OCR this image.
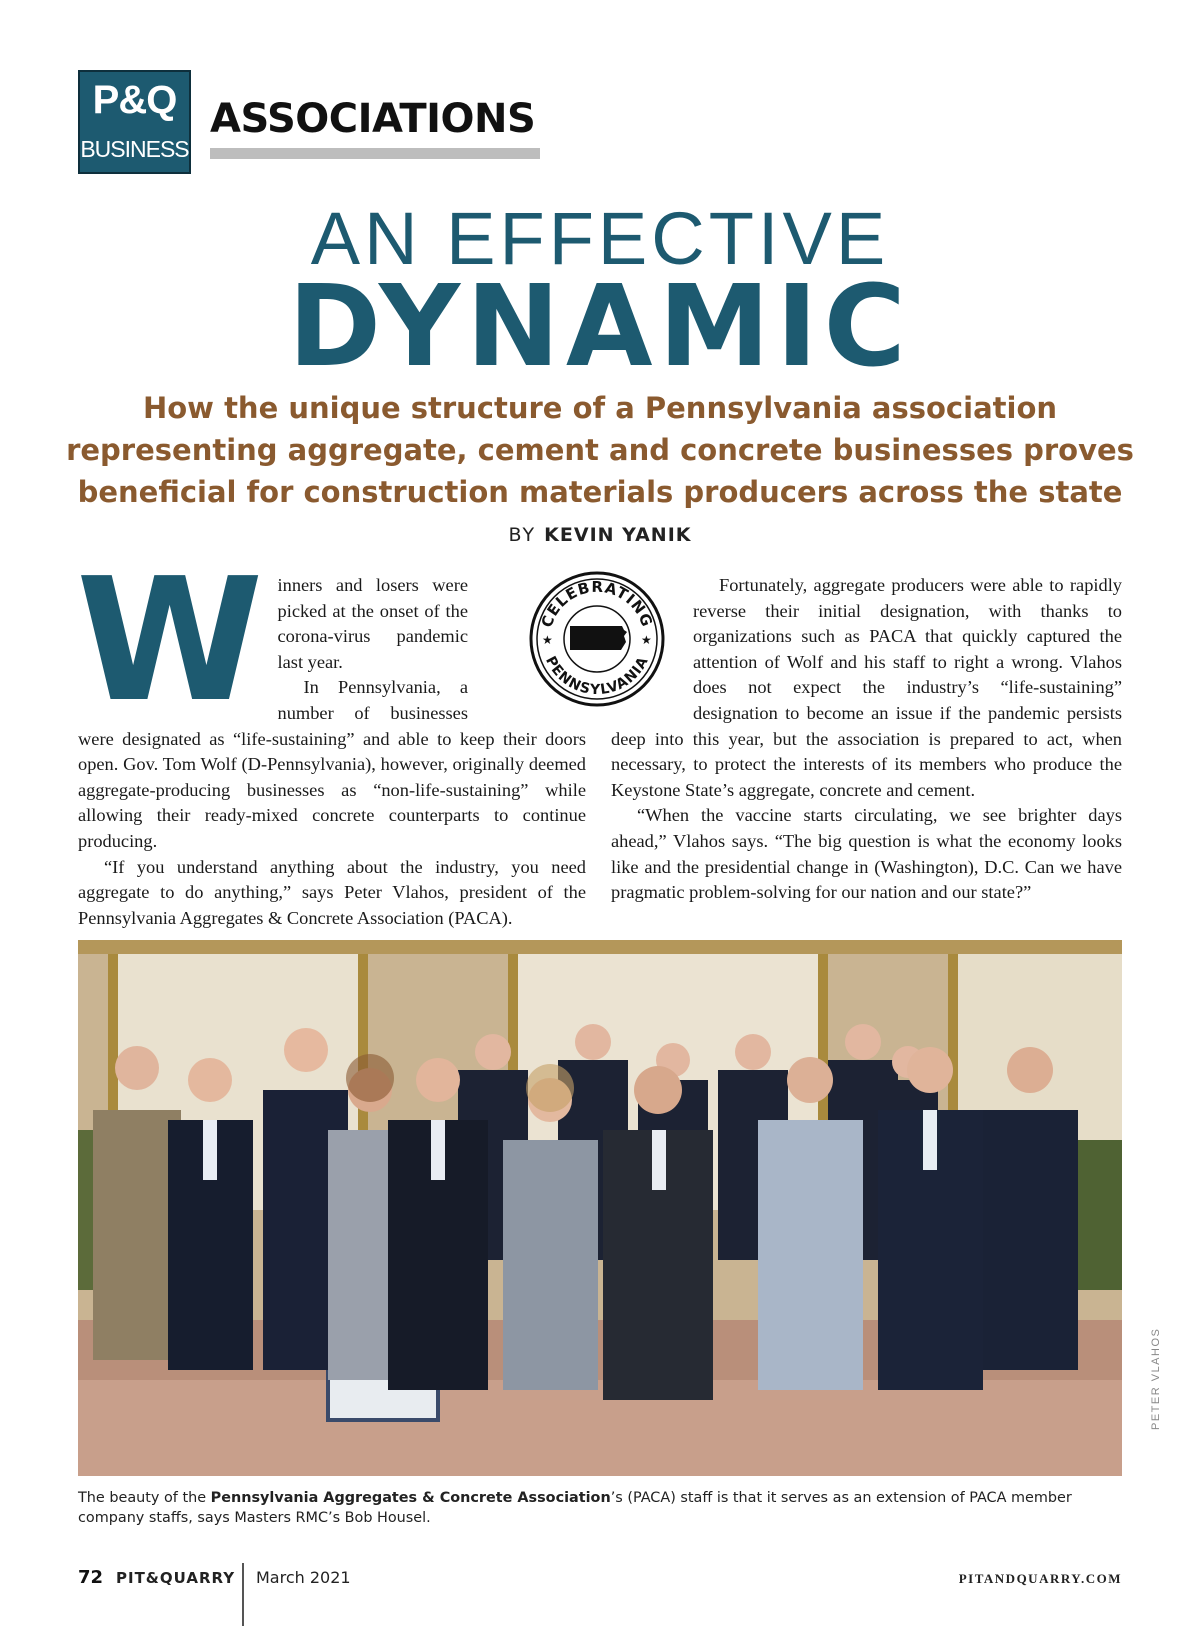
P&Q
BUSINESS
ASSOCIATIONS
AN EFFECTIVE
DYNAMIC
How the unique structure of a Pennsylvania association representing aggregate, cement and concrete businesses proves beneficial for construction materials producers across the state
BY KEVIN YANIK
W inners and losers were picked at the onset of the corona-virus pandemic last year.

In Pennsylvania, a number of businesses were designated as “life-sustaining” and able to keep their doors open. Gov. Tom Wolf (D-Pennsylvania), however, originally deemed aggregate-producing businesses as “non-life-sustaining” while allowing their ready-mixed concrete counterparts to continue producing.

“If you understand anything about the industry, you need aggregate to do anything,” says Peter Vlahos, president of the Pennsylvania Aggregates & Concrete Association (PACA).

Fortunately, aggregate producers were able to rapidly reverse their initial designation, with thanks to organizations such as PACA that quickly captured the attention of Wolf and his staff to right a wrong. Vlahos does not expect the industry’s “life-sustaining” designation to become an issue if the pandemic persists deep into this year, but the association is prepared to act, when necessary, to protect the interests of its members who produce the Keystone State’s aggregate, concrete and cement.

“When the vaccine starts circulating, we see brighter days ahead,” Vlahos says. “The big question is what the economy looks like and the presidential change in (Washington), D.C. Can we have pragmatic problem-solving for our nation and our state?”

CELEBRATING
PENNSYLVANIA
★	★
PETER VLAHOS
The beauty of the Pennsylvania Aggregates & Concrete Association’s (PACA) staff is that it serves as an extension of PACA member company staffs, says Masters RMC’s Bob Housel.
72 PIT&QUARRY March 2021	PITANDQUARRY.COM
